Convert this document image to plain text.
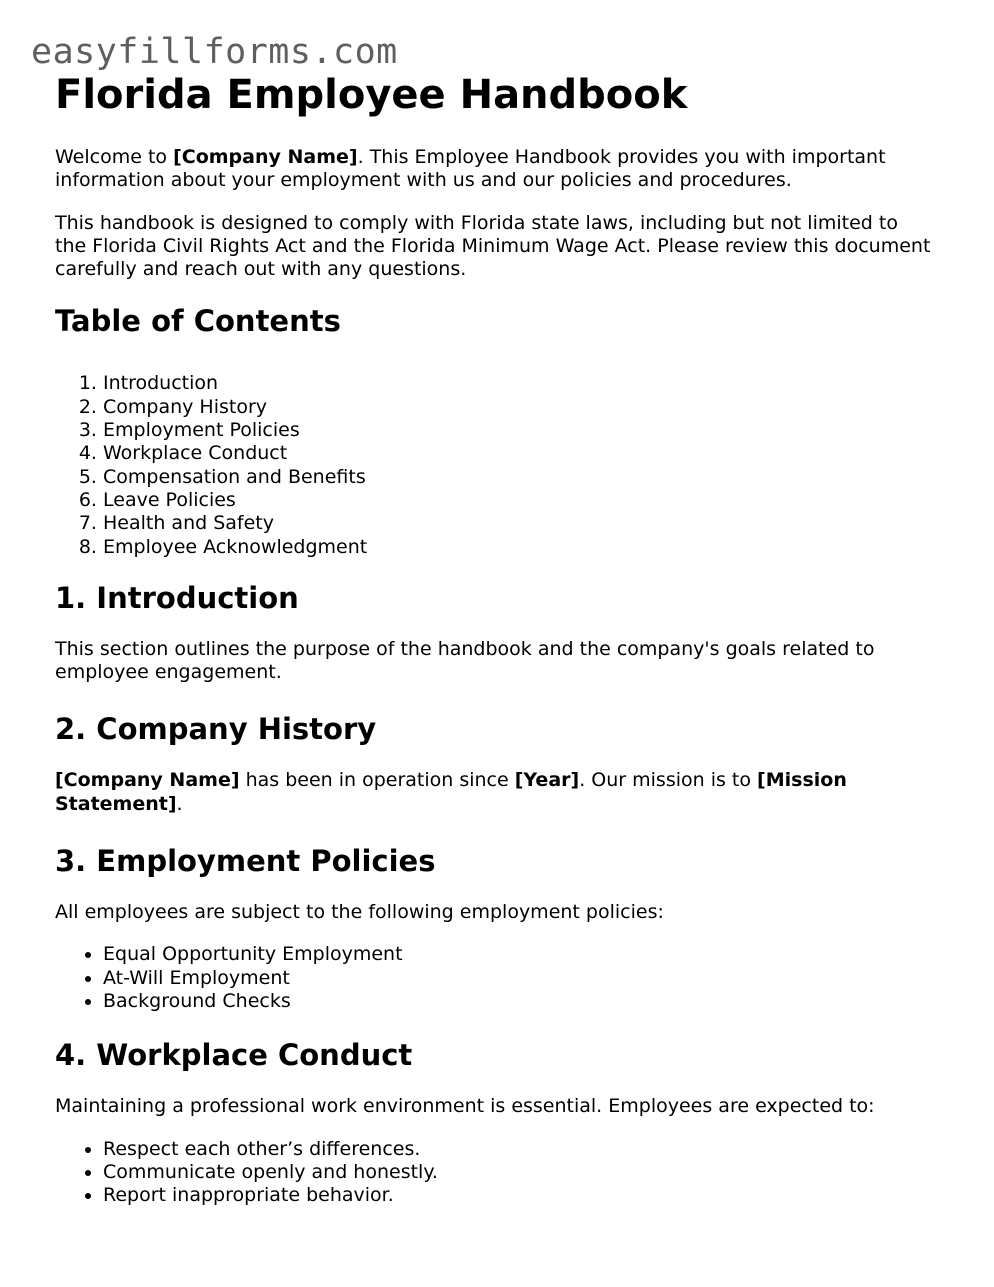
easyfillforms.com
Florida Employee Handbook

Welcome to [Company Name]. This Employee Handbook provides you with important information about your employment with us and our policies and procedures.

This handbook is designed to comply with Florida state laws, including but not limited to the Florida Civil Rights Act and the Florida Minimum Wage Act. Please review this document carefully and reach out with any questions.

Table of Contents
1. Introduction
2. Company History
3. Employment Policies
4. Workplace Conduct
5. Compensation and Benefits
6. Leave Policies
7. Health and Safety
8. Employee Acknowledgment
1. Introduction

This section outlines the purpose of the handbook and the company's goals related to employee engagement.

2. Company History

[Company Name] has been in operation since [Year]. Our mission is to [Mission Statement].

3. Employment Policies

All employees are subject to the following employment policies:

• Equal Opportunity Employment
• At-Will Employment
• Background Checks
4. Workplace Conduct

Maintaining a professional work environment is essential. Employees are expected to:

• Respect each other’s differences.
• Communicate openly and honestly.
• Report inappropriate behavior.
